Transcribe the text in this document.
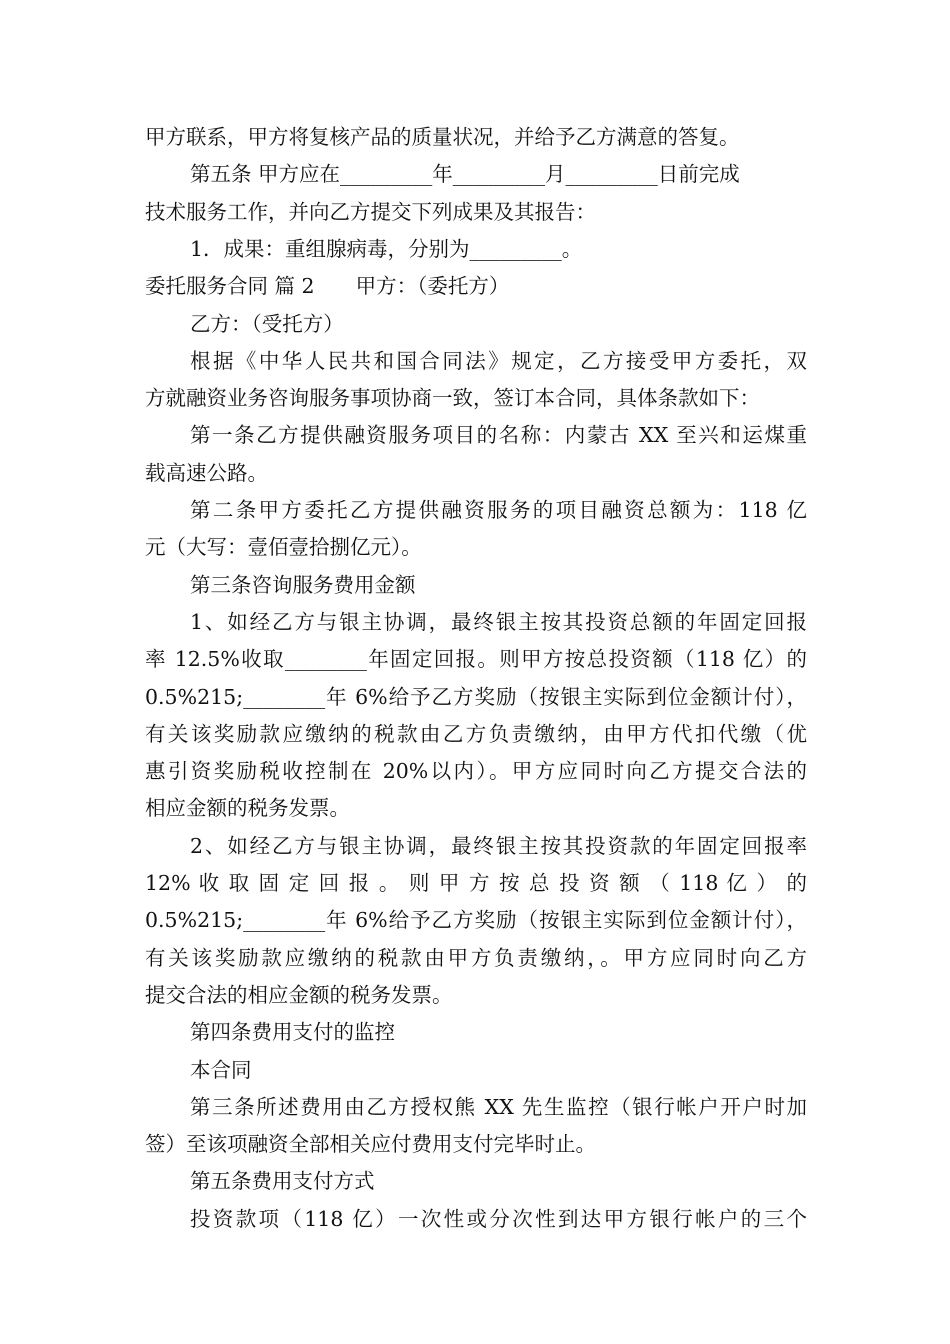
甲方联系，甲方将复核产品的质量状况，并给予乙方满意的答复。
第五条 甲方应在_________年_________月_________日前完成
技术服务工作，并向乙方提交下列成果及其报告：
1．成果：重组腺病毒，分别为_________。
委托服务合同 篇 2　　甲方：（委托方）
乙方：（受托方）
根据《中华人民共和国合同法》规定，乙方接受甲方委托，双
方就融资业务咨询服务事项协商一致，签订本合同，具体条款如下：
第一条乙方提供融资服务项目的名称：内蒙古 XX 至兴和运煤重
载高速公路。
第二条甲方委托乙方提供融资服务的项目融资总额为：118 亿
元（大写：壹佰壹拾捌亿元）。
第三条咨询服务费用金额
1、如经乙方与银主协调，最终银主按其投资总额的年固定回报
率 12.5%收取________年固定回报。则甲方按总投资额（118 亿）的
0.5%215;________年 6%给予乙方奖励（按银主实际到位金额计付），
有关该奖励款应缴纳的税款由乙方负责缴纳，由甲方代扣代缴（优
惠引资奖励税收控制在 20%以内）。甲方应同时向乙方提交合法的
相应金额的税务发票。
2、如经乙方与银主协调，最终银主按其投资款的年固定回报率
12% 收 取 固 定 回 报 。 则 甲 方 按 总 投 资 额 （ 118 亿 ） 的
0.5%215;________年 6%给予乙方奖励（按银主实际到位金额计付），
有关该奖励款应缴纳的税款由甲方负责缴纳，。甲方应同时向乙方
提交合法的相应金额的税务发票。
第四条费用支付的监控
本合同
第三条所述费用由乙方授权熊 XX 先生监控（银行帐户开户时加
签）至该项融资全部相关应付费用支付完毕时止。
第五条费用支付方式
投资款项（118 亿）一次性或分次性到达甲方银行帐户的三个
